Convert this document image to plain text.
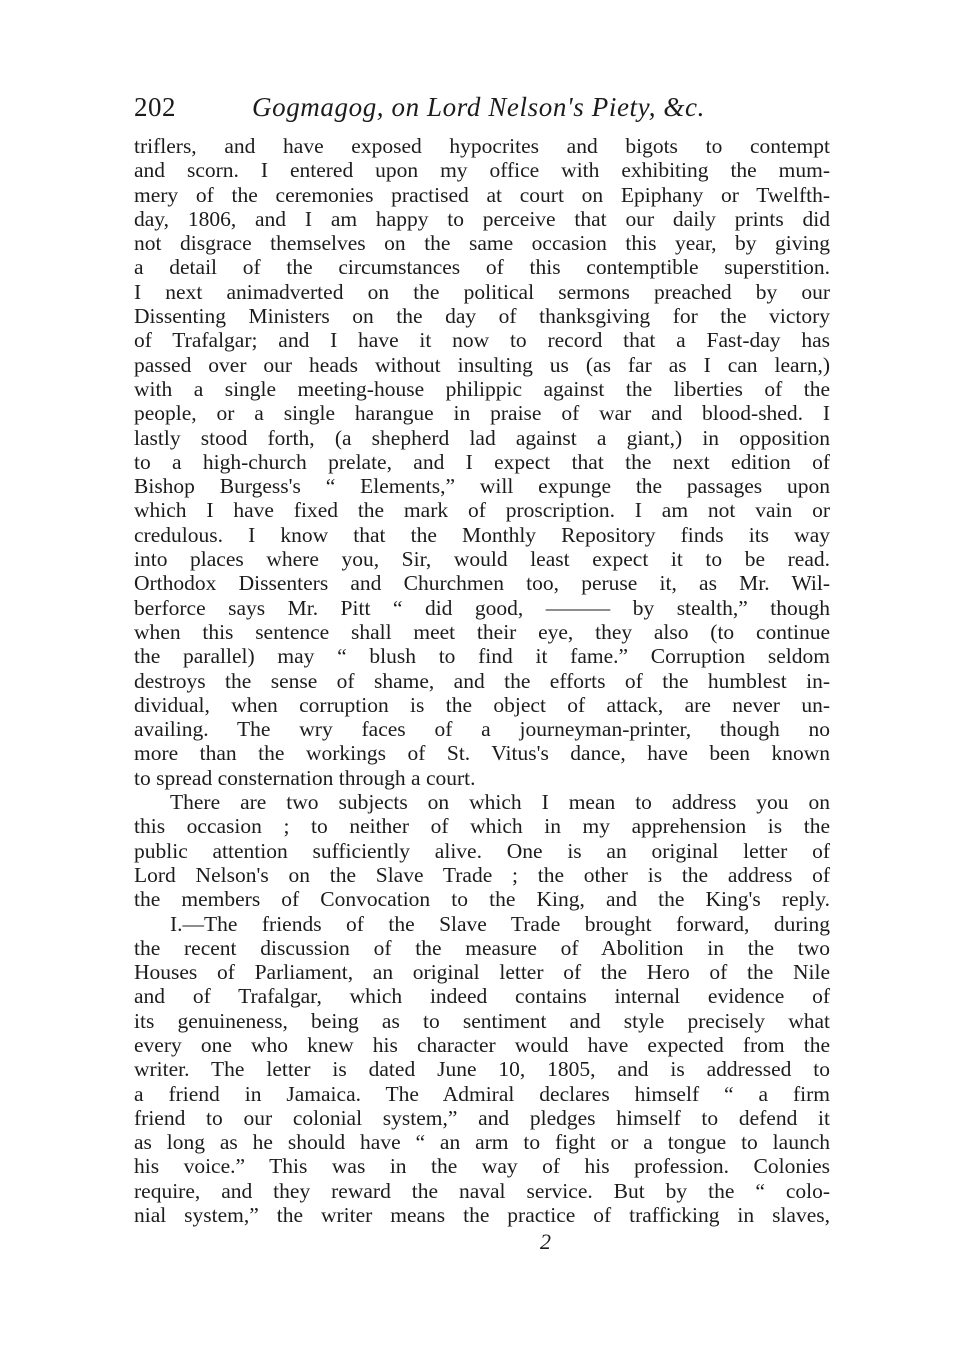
202	Gogmagog, on Lord Nelson's Piety, &c.
triflers, and have exposed hypocrites and bigots to contempt
and scorn. I entered upon my office with exhibiting the mum-
mery of the ceremonies practised at court on Epiphany or Twelfth-
day, 1806, and I am happy to perceive that our daily prints did
not disgrace themselves on the same occasion this year, by giving
a detail of the circumstances of this contemptible superstition.
I next animadverted on the political sermons preached by our
Dissenting Ministers on the day of thanksgiving for the victory
of Trafalgar; and I have it now to record that a Fast-day has
passed over our heads without insulting us (as far as I can learn,)
with a single meeting-house philippic against the liberties of the
people, or a single harangue in praise of war and blood-shed. I
lastly stood forth, (a shepherd lad against a giant,) in opposition
to a high-church prelate, and I expect that the next edition of
Bishop Burgess's “ Elements,” will expunge the passages upon
which I have fixed the mark of proscription. I am not vain or
credulous. I know that the Monthly Repository finds its way
into places where you, Sir, would least expect it to be read.
Orthodox Dissenters and Churchmen too, peruse it, as Mr. Wil-
berforce says Mr. Pitt “ did good, ——— by stealth,” though
when this sentence shall meet their eye, they also (to continue
the parallel) may “ blush to find it fame.” Corruption seldom
destroys the sense of shame, and the efforts of the humblest in-
dividual, when corruption is the object of attack, are never un-
availing. The wry faces of a journeyman-printer, though no
more than the workings of St. Vitus's dance, have been known
to spread consternation through a court.
There are two subjects on which I mean to address you on
this occasion ; to neither of which in my apprehension is the
public attention sufficiently alive. One is an original letter of
Lord Nelson's on the Slave Trade ; the other is the address of
the members of Convocation to the King, and the King's reply.
I.—The friends of the Slave Trade brought forward, during
the recent discussion of the measure of Abolition in the two
Houses of Parliament, an original letter of the Hero of the Nile
and of Trafalgar, which indeed contains internal evidence of
its genuineness, being as to sentiment and style precisely what
every one who knew his character would have expected from the
writer. The letter is dated June 10, 1805, and is addressed to
a friend in Jamaica. The Admiral declares himself “ a firm
friend to our colonial system,” and pledges himself to defend it
as long as he should have “ an arm to fight or a tongue to launch
his voice.” This was in the way of his profession. Colonies
require, and they reward the naval service. But by the “ colo-
nial system,” the writer means the practice of trafficking in slaves,
2
